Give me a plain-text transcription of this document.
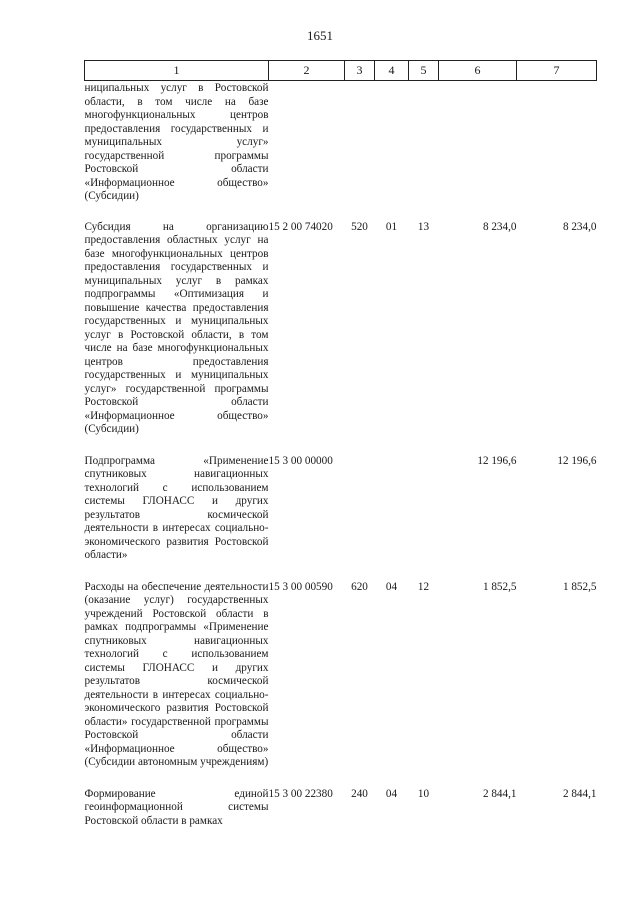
1651
1	2	3	4	5	6	7
ниципальных услуг в Ростовской области, в том числе на базе многофункциональных центров предоставления государственных и муниципальных услуг» государственной программы Ростовской области «Информационное общество» (Субсидии)						
Субсидия на организацию предоставления областных услуг на базе многофункциональных центров предоставления государственных и муниципальных услуг в рамках подпрограммы «Оптимизация и повышение качества предоставления государственных и муниципальных услуг в Ростовской области, в том числе на базе многофункциональных центров предоставления государственных и муниципальных услуг» государственной программы Ростовской области «Информационное общество» (Субсидии)	15 2 00 74020	520	01	13	8 234,0	8 234,0
Подпрограмма «Применение спутниковых навигационных технологий с использованием системы ГЛОНАСС и других результатов космической деятельности в интересах социально-экономического развития Ростовской области»	15 3 00 00000				12 196,6	12 196,6
Расходы на обеспечение деятельности (оказание услуг) государственных учреждений Ростовской области в рамках подпрограммы «Применение спутниковых навигационных технологий с использованием системы ГЛОНАСС и других результатов космической деятельности в интересах социально-экономического развития Ростовской области» государственной программы Ростовской области «Информационное общество» (Субсидии автономным учреждениям)	15 3 00 00590	620	04	12	1 852,5	1 852,5
Формирование единой геоинформационной системы Ростовской области в рамках	15 3 00 22380	240	04	10	2 844,1	2 844,1
